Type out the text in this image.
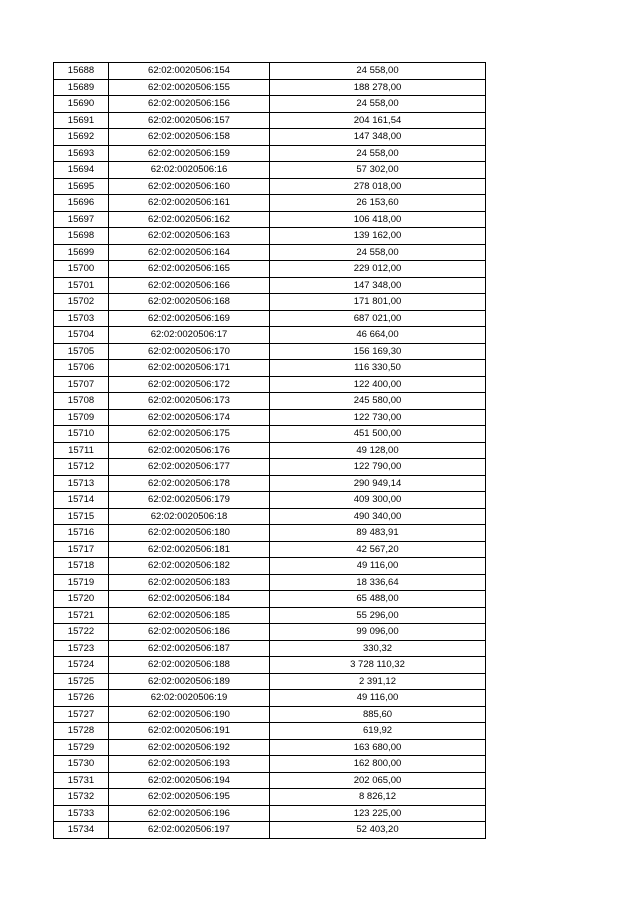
15688	62:02:0020506:154	24 558,00
15689	62:02:0020506:155	188 278,00
15690	62:02:0020506:156	24 558,00
15691	62:02:0020506:157	204 161,54
15692	62:02:0020506:158	147 348,00
15693	62:02:0020506:159	24 558,00
15694	62:02:0020506:16	57 302,00
15695	62:02:0020506:160	278 018,00
15696	62:02:0020506:161	26 153,60
15697	62:02:0020506:162	106 418,00
15698	62:02:0020506:163	139 162,00
15699	62:02:0020506:164	24 558,00
15700	62:02:0020506:165	229 012,00
15701	62:02:0020506:166	147 348,00
15702	62:02:0020506:168	171 801,00
15703	62:02:0020506:169	687 021,00
15704	62:02:0020506:17	46 664,00
15705	62:02:0020506:170	156 169,30
15706	62:02:0020506:171	116 330,50
15707	62:02:0020506:172	122 400,00
15708	62:02:0020506:173	245 580,00
15709	62:02:0020506:174	122 730,00
15710	62:02:0020506:175	451 500,00
15711	62:02:0020506:176	49 128,00
15712	62:02:0020506:177	122 790,00
15713	62:02:0020506:178	290 949,14
15714	62:02:0020506:179	409 300,00
15715	62:02:0020506:18	490 340,00
15716	62:02:0020506:180	89 483,91
15717	62:02:0020506:181	42 567,20
15718	62:02:0020506:182	49 116,00
15719	62:02:0020506:183	18 336,64
15720	62:02:0020506:184	65 488,00
15721	62:02:0020506:185	55 296,00
15722	62:02:0020506:186	99 096,00
15723	62:02:0020506:187	330,32
15724	62:02:0020506:188	3 728 110,32
15725	62:02:0020506:189	2 391,12
15726	62:02:0020506:19	49 116,00
15727	62:02:0020506:190	885,60
15728	62:02:0020506:191	619,92
15729	62:02:0020506:192	163 680,00
15730	62:02:0020506:193	162 800,00
15731	62:02:0020506:194	202 065,00
15732	62:02:0020506:195	8 826,12
15733	62:02:0020506:196	123 225,00
15734	62:02:0020506:197	52 403,20
